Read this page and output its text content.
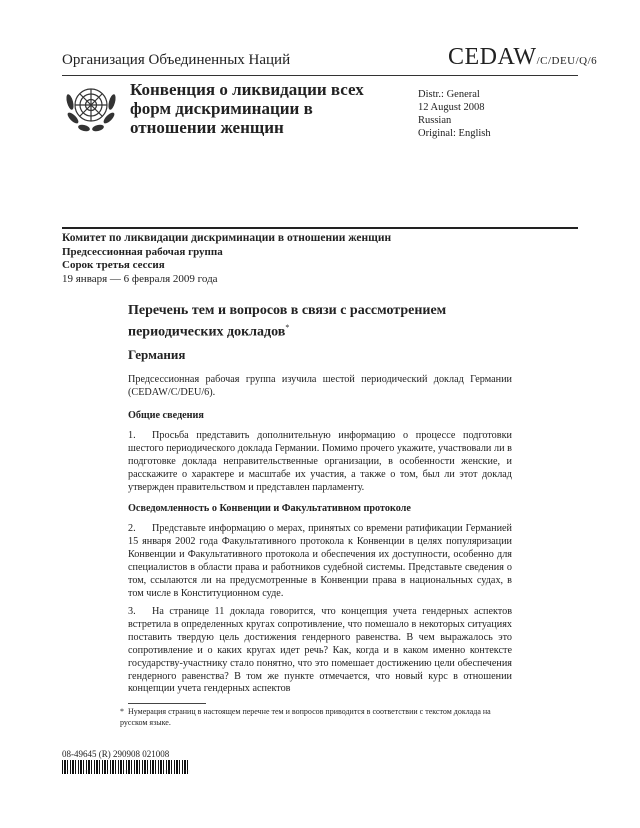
Организация Объединенных Наций	CEDAW/C/DEU/Q/6
Конвенция о ликвидации всех форм дискриминации в отношении женщин
Distr.: General
12 August 2008
Russian
Original: English
Комитет по ликвидации дискриминации в отношении женщин
Предсессионная рабочая группа
Сорок третья сессия
19 января — 6 февраля 2009 года
Перечень тем и вопросов в связи с рассмотрением периодических докладов*
Германия
Предсессионная рабочая группа изучила шестой периодический доклад Германии (CEDAW/C/DEU/6).
Общие сведения
1. Просьба представить дополнительную информацию о процессе подготовки шестого периодического доклада Германии. Помимо прочего укажите, участвовали ли в подготовке доклада неправительственные организации, в особенности женские, и расскажите о характере и масштабе их участия, а также о том, был ли этот доклад утвержден правительством и представлен парламенту.
Осведомленность о Конвенции и Факультативном протоколе
2. Представьте информацию о мерах, принятых со времени ратификации Германией 15 января 2002 года Факультативного протокола к Конвенции в целях популяризации Конвенции и Факультативного протокола и обеспечения их доступности, особенно для специалистов в области права и работников судебной системы. Представьте сведения о том, ссылаются ли на предусмотренные в Конвенции права в национальных судах, в том числе в Конституционном суде.
3. На странице 11 доклада говорится, что концепция учета гендерных аспектов встретила в определенных кругах сопротивление, что помешало в некоторых ситуациях поставить твердую цель достижения гендерного равенства. В чем выражалось это сопротивление и о каких кругах идет речь? Как, когда и в каком именно контексте государству-участнику стало понятно, что это помешает достижению цели обеспечения гендерного равенства? В том же пункте отмечается, что новый курс в отношении концепции учета гендерных аспектов
* Нумерация страниц в настоящем перечне тем и вопросов приводится в соответствии с текстом доклада на русском языке.
08-49645 (R) 290908 021008
